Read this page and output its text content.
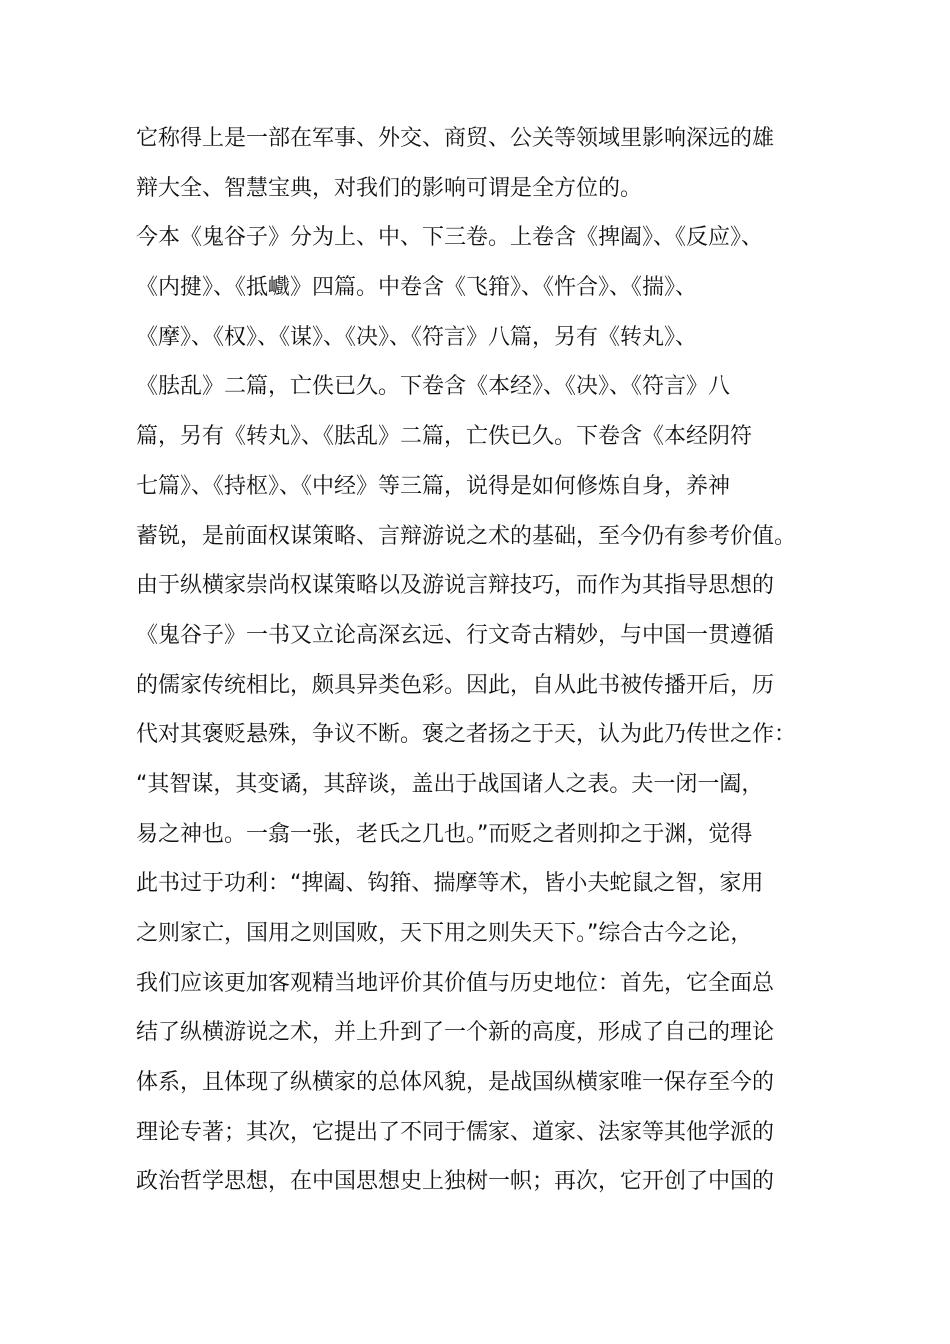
它称得上是一部在军事、外交、商贸、公关等领域里影响深远的雄
辩大全、智慧宝典，对我们的影响可谓是全方位的。
今本《鬼谷子》分为上、中、下三卷。上卷含《捭阖》、《反应》、
《内揵》、《抵巇》四篇。中卷含《飞箝》、《忤合》、《揣》、
《摩》、《权》、《谋》、《决》、《符言》八篇，另有《转丸》、
《胠乱》二篇，亡佚已久。下卷含《本经》、《决》、《符言》八
篇，另有《转丸》、《胠乱》二篇，亡佚已久。下卷含《本经阴符
七篇》、《持枢》、《中经》等三篇，说得是如何修炼自身，养神
蓄锐，是前面权谋策略、言辩游说之术的基础，至今仍有参考价值。
由于纵横家崇尚权谋策略以及游说言辩技巧，而作为其指导思想的
《鬼谷子》一书又立论高深玄远、行文奇古精妙，与中国一贯遵循
的儒家传统相比，颇具异类色彩。因此，自从此书被传播开后，历
代对其褒贬悬殊，争议不断。褒之者扬之于天，认为此乃传世之作：
“其智谋，其变谲，其辞谈，盖出于战国诸人之表。夫一闭一阖，
易之神也。一翕一张，老氏之几也。”而贬之者则抑之于渊，觉得
此书过于功利：“捭阖、钩箝、揣摩等术，皆小夫蛇鼠之智，家用
之则家亡，国用之则国败，天下用之则失天下。”综合古今之论，
我们应该更加客观精当地评价其价值与历史地位：首先，它全面总
结了纵横游说之术，并上升到了一个新的高度，形成了自己的理论
体系，且体现了纵横家的总体风貌，是战国纵横家唯一保存至今的
理论专著；其次，它提出了不同于儒家、道家、法家等其他学派的
政治哲学思想，在中国思想史上独树一帜；再次，它开创了中国的
